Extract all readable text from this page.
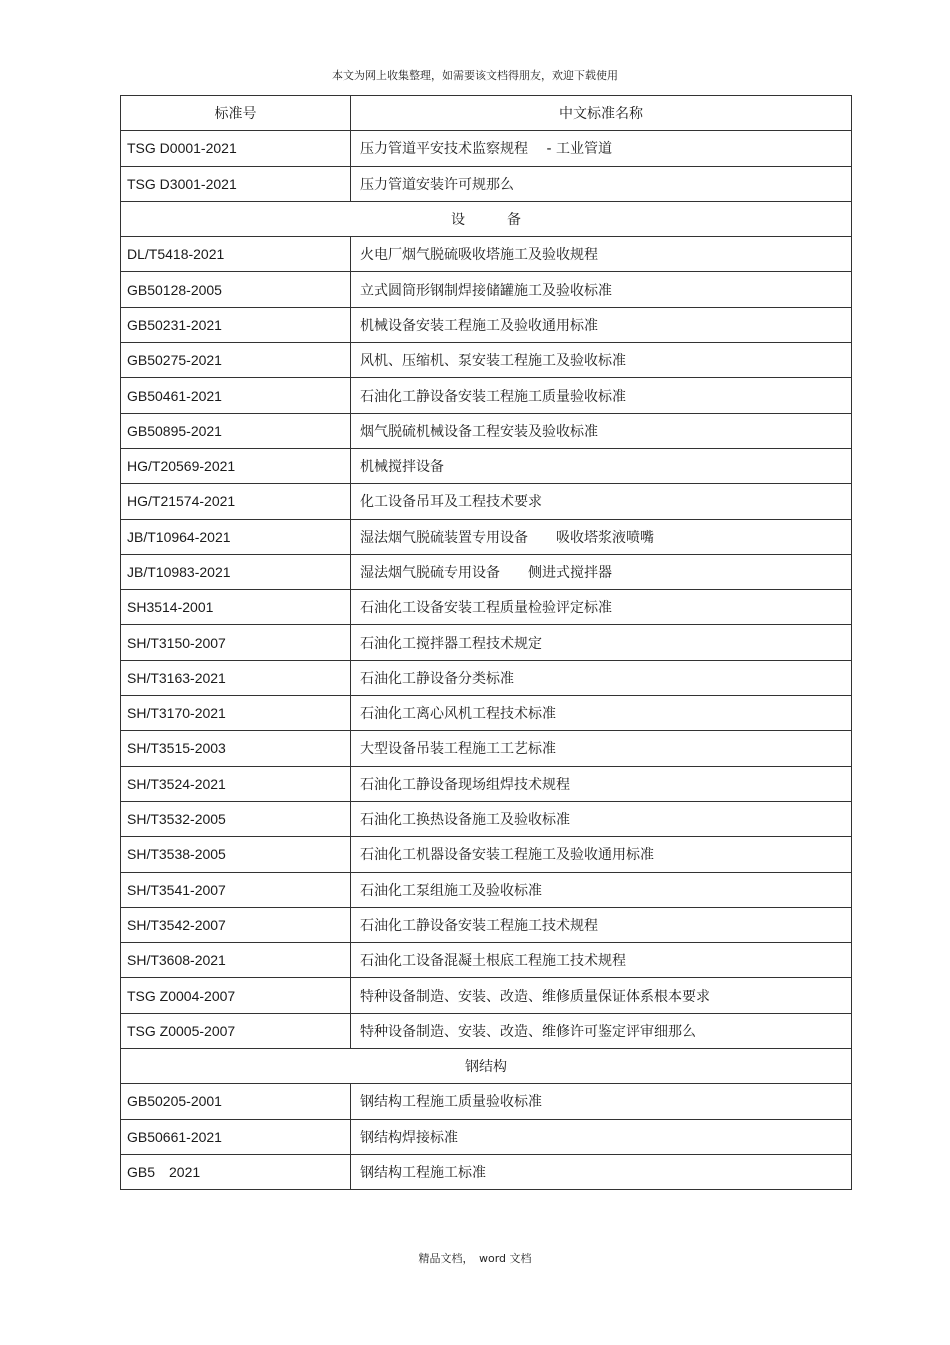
本文为网上收集整理，如需要该文档得朋友，欢迎下载使用
标准号	中文标准名称
TSG D0001-2021	压力管道平安技术监察规程　 - 工业管道
TSG D3001-2021	压力管道安装许可规那么
设　　　备	
DL/T5418-2021	火电厂烟气脱硫吸收塔施工及验收规程
GB50128-2005	立式圆筒形钢制焊接储罐施工及验收标准
GB50231-2021	机械设备安装工程施工及验收通用标准
GB50275-2021	风机、压缩机、泵安装工程施工及验收标准
GB50461-2021	石油化工静设备安装工程施工质量验收标准
GB50895-2021	烟气脱硫机械设备工程安装及验收标准
HG/T20569-2021	机械搅拌设备
HG/T21574-2021	化工设备吊耳及工程技术要求
JB/T10964-2021	湿法烟气脱硫装置专用设备　　吸收塔浆液喷嘴
JB/T10983-2021	湿法烟气脱硫专用设备　　侧进式搅拌器
SH3514-2001	石油化工设备安装工程质量检验评定标准
SH/T3150-2007	石油化工搅拌器工程技术规定
SH/T3163-2021	石油化工静设备分类标准
SH/T3170-2021	石油化工离心风机工程技术标准
SH/T3515-2003	大型设备吊装工程施工工艺标准
SH/T3524-2021	石油化工静设备现场组焊技术规程
SH/T3532-2005	石油化工换热设备施工及验收标准
SH/T3538-2005	石油化工机器设备安装工程施工及验收通用标准
SH/T3541-2007	石油化工泵组施工及验收标准
SH/T3542-2007	石油化工静设备安装工程施工技术规程
SH/T3608-2021	石油化工设备混凝土根底工程施工技术规程
TSG Z0004-2007	特种设备制造、安装、改造、维修质量保证体系根本要求
TSG Z0005-2007	特种设备制造、安装、改造、维修许可鉴定评审细那么
钢结构	
GB50205-2001	钢结构工程施工质量验收标准
GB50661-2021	钢结构焊接标准
GB5　2021	钢结构工程施工标准
精品文档，　word 文档
